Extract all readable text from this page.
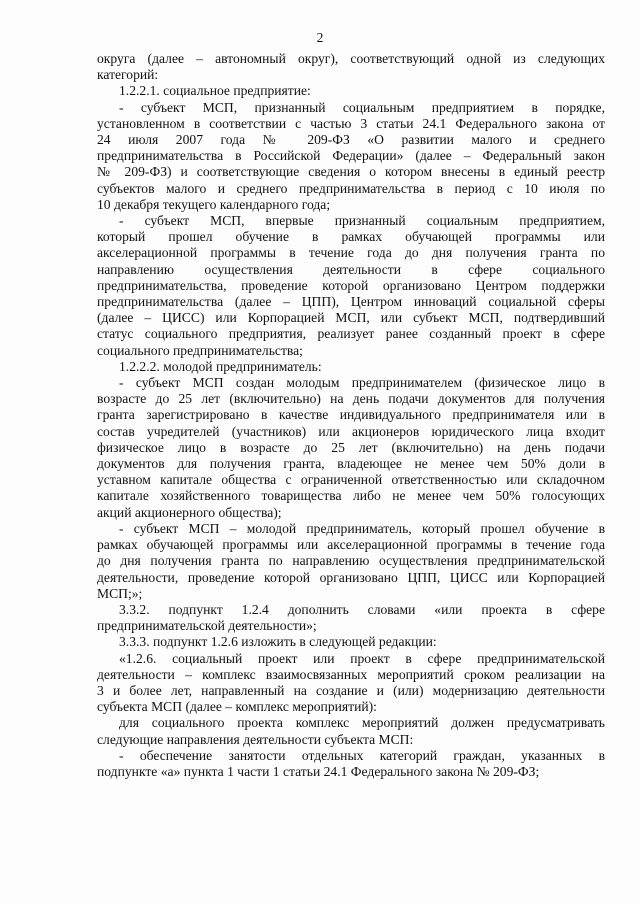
2
округа (далее – автономный округ), соответствующий одной из следующих
категорий:
1.2.2.1. социальное предприятие:
- субъект МСП, признанный социальным предприятием в порядке,
установленном в соответствии с частью 3 статьи 24.1 Федерального закона от
24 июля 2007 года № 209-ФЗ «О развитии малого и среднего
предпринимательства в Российской Федерации» (далее – Федеральный закон
№ 209-ФЗ) и соответствующие сведения о котором внесены в единый реестр
субъектов малого и среднего предпринимательства в период с 10 июля по
10 декабря текущего календарного года;
- субъект МСП, впервые признанный социальным предприятием,
который прошел обучение в рамках обучающей программы или
акселерационной программы в течение года до дня получения гранта по
направлению осуществления деятельности в сфере социального
предпринимательства, проведение которой организовано Центром поддержки
предпринимательства (далее – ЦПП), Центром инноваций социальной сферы
(далее – ЦИСС) или Корпорацией МСП, или субъект МСП, подтвердивший
статус социального предприятия, реализует ранее созданный проект в сфере
социального предпринимательства;
1.2.2.2. молодой предприниматель:
- субъект МСП создан молодым предпринимателем (физическое лицо в
возрасте до 25 лет (включительно) на день подачи документов для получения
гранта зарегистрировано в качестве индивидуального предпринимателя или в
состав учредителей (участников) или акционеров юридического лица входит
физическое лицо в возрасте до 25 лет (включительно) на день подачи
документов для получения гранта, владеющее не менее чем 50% доли в
уставном капитале общества с ограниченной ответственностью или складочном
капитале хозяйственного товарищества либо не менее чем 50% голосующих
акций акционерного общества);
- субъект МСП – молодой предприниматель, который прошел обучение в
рамках обучающей программы или акселерационной программы в течение года
до дня получения гранта по направлению осуществления предпринимательской
деятельности, проведение которой организовано ЦПП, ЦИСС или Корпорацией
МСП;»;
3.3.2. подпункт 1.2.4 дополнить словами «или проекта в сфере
предпринимательской деятельности»;
3.3.3. подпункт 1.2.6 изложить в следующей редакции:
«1.2.6. социальный проект или проект в сфере предпринимательской
деятельности – комплекс взаимосвязанных мероприятий сроком реализации на
3 и более лет, направленный на создание и (или) модернизацию деятельности
субъекта МСП (далее – комплекс мероприятий):
для социального проекта комплекс мероприятий должен предусматривать
следующие направления деятельности субъекта МСП:
- обеспечение занятости отдельных категорий граждан, указанных в
подпункте «а» пункта 1 части 1 статьи 24.1 Федерального закона № 209-ФЗ;
